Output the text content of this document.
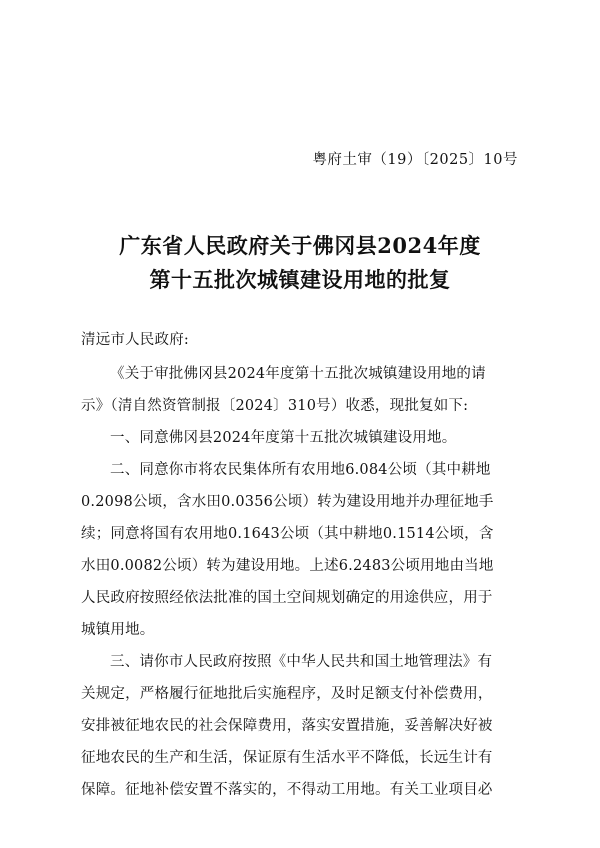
粤府土审（19）〔2025〕10号
广东省人民政府关于佛冈县2024年度
第十五批次城镇建设用地的批复
清远市人民政府:
《关于审批佛冈县2024年度第十五批次城镇建设用地的请
示》（清自然资管制报〔2024〕310号）收悉，现批复如下:
一、同意佛冈县2024年度第十五批次城镇建设用地。
二、同意你市将农民集体所有农用地6.084公顷（其中耕地
0.2098公顷，含水田0.0356公顷）转为建设用地并办理征地手
续；同意将国有农用地0.1643公顷（其中耕地0.1514公顷，含
水田0.0082公顷）转为建设用地。上述6.2483公顷用地由当地
人民政府按照经依法批准的国土空间规划确定的用途供应，用于
城镇用地。
三、请你市人民政府按照《中华人民共和国土地管理法》有
关规定，严格履行征地批后实施程序，及时足额支付补偿费用，
安排被征地农民的社会保障费用，落实安置措施，妥善解决好被
征地农民的生产和生活，保证原有生活水平不降低，长远生计有
保障。征地补偿安置不落实的，不得动工用地。有关工业项目必
